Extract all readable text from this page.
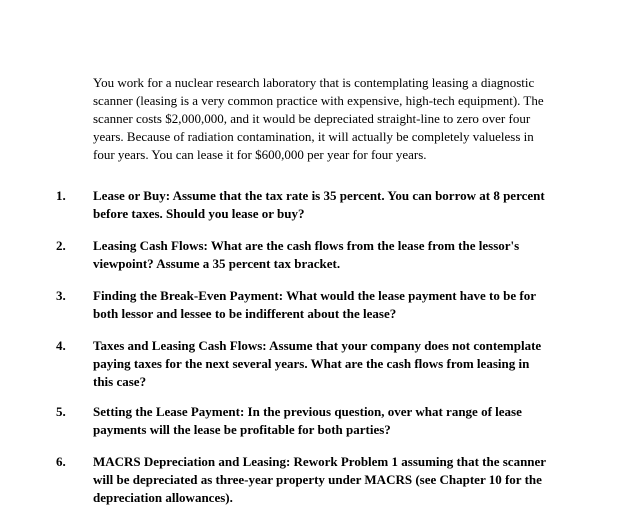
You work for a nuclear research laboratory that is contemplating leasing a diagnostic scanner (leasing is a very common practice with expensive, high-tech equipment). The scanner costs $2,000,000, and it would be depreciated straight-line to zero over four years. Because of radiation contamination, it will actually be completely valueless in four years. You can lease it for $600,000 per year for four years.

1. Lease or Buy: Assume that the tax rate is 35 percent. You can borrow at 8 percent before taxes. Should you lease or buy?

2. Leasing Cash Flows: What are the cash flows from the lease from the lessor's viewpoint? Assume a 35 percent tax bracket.

3. Finding the Break-Even Payment: What would the lease payment have to be for both lessor and lessee to be indifferent about the lease?

4. Taxes and Leasing Cash Flows: Assume that your company does not contemplate paying taxes for the next several years. What are the cash flows from leasing in this case?

5. Setting the Lease Payment: In the previous question, over what range of lease payments will the lease be profitable for both parties?

6. MACRS Depreciation and Leasing: Rework Problem 1 assuming that the scanner will be depreciated as three-year property under MACRS (see Chapter 10 for the depreciation allowances).
